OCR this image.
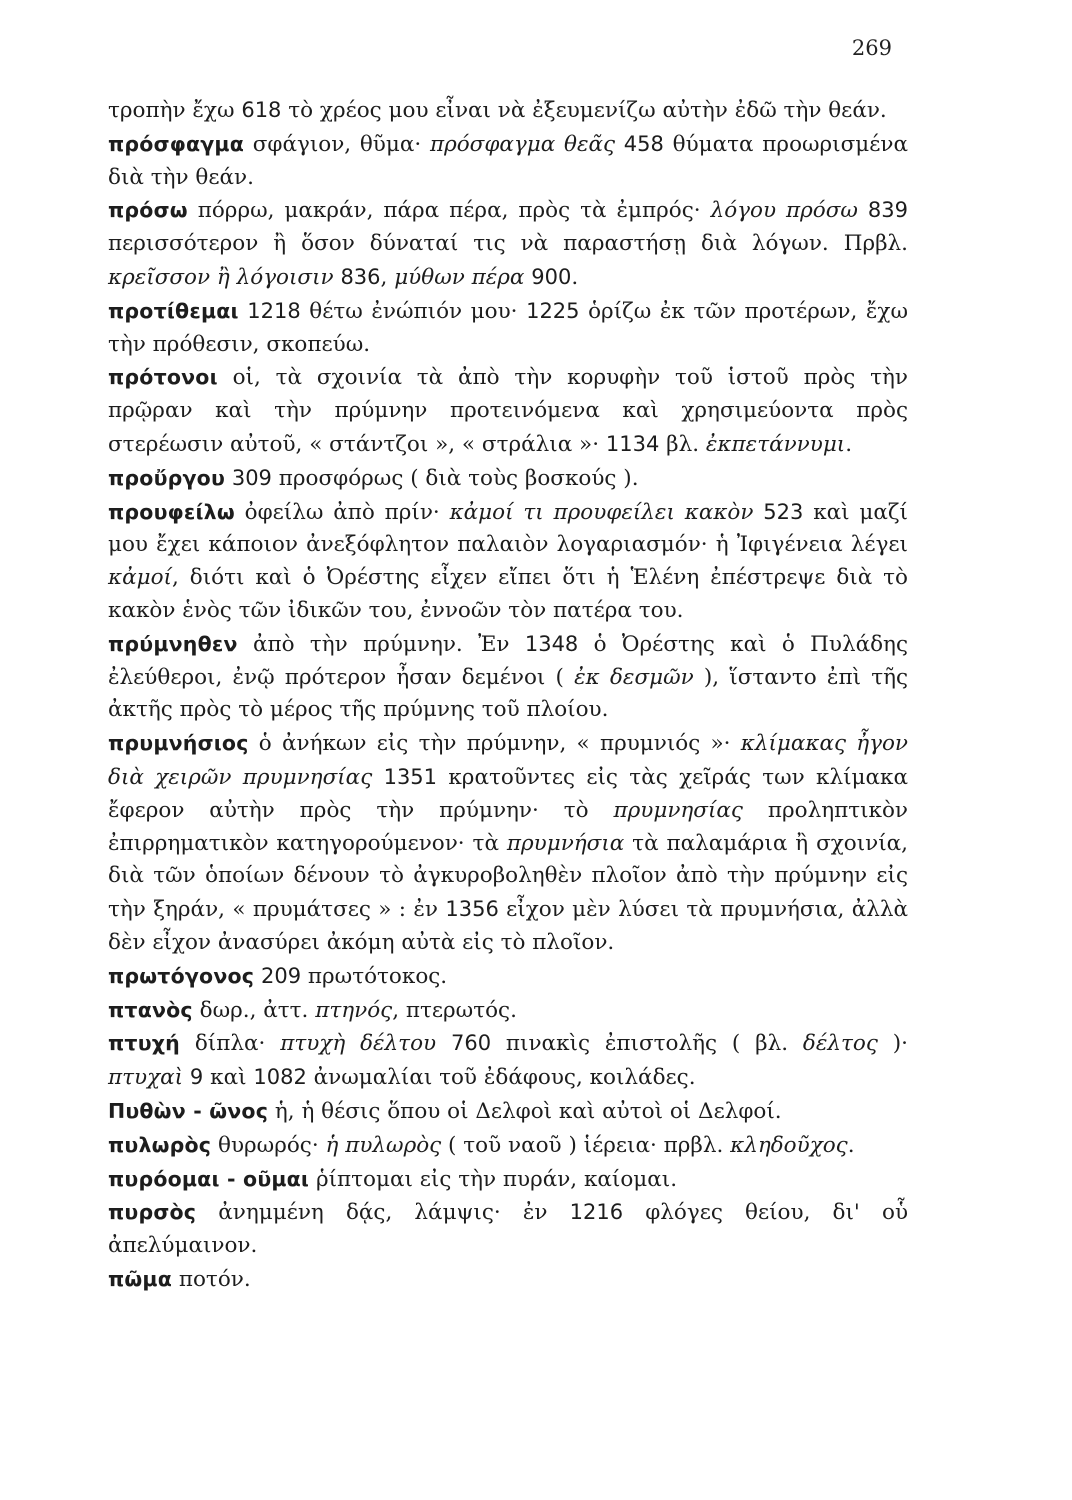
269

τροπὴν ἔχω 618 τὸ χρέος μου εἶναι νὰ ἐξευμενίζω αὐτὴν ἐδῶ τὴν θεάν.

πρόσφαγμα σφάγιον, θῦμα· πρόσφαγμα θεᾶς 458 θύματα προωρισμένα διὰ τὴν θεάν.

πρόσω πόρρω, μακράν, πάρα πέρα, πρὸς τὰ ἐμπρός· λόγου πρόσω 839 περισσότερον ἢ ὅσον δύναταί τις νὰ παραστήσῃ διὰ λόγων. Πρβλ. κρεῖσσον ἢ λόγοισιν 836, μύθων πέρα 900.

προτίθεμαι 1218 θέτω ἐνώπιόν μου· 1225 ὁρίζω ἐκ τῶν προτέρων, ἔχω τὴν πρόθεσιν, σκοπεύω.

πρότονοι οἱ, τὰ σχοινία τὰ ἀπὸ τὴν κορυφὴν τοῦ ἱστοῦ πρὸς τὴν πρῷραν καὶ τὴν πρύμνην προτεινόμενα καὶ χρησιμεύοντα πρὸς στερέωσιν αὐτοῦ, « στάντζοι », « στράλια »· 1134 βλ. ἐκπετάννυμι.

προὔργου 309 προσφόρως ( διὰ τοὺς βοσκούς ).

προυφείλω ὀφείλω ἀπὸ πρίν· κἀμοί τι προυφείλει κακὸν 523 καὶ μαζί μου ἔχει κάποιον ἀνεξόφλητον παλαιὸν λογαριασμόν· ἡ Ἰφιγένεια λέγει κἀμοί, διότι καὶ ὁ Ὀρέστης εἶχεν εἴπει ὅτι ἡ Ἑλένη ἐπέστρεψε διὰ τὸ κακὸν ἑνὸς τῶν ἰδικῶν του, ἐννοῶν τὸν πατέρα του.

πρύμνηθεν ἀπὸ τὴν πρύμνην. Ἐν 1348 ὁ Ὀρέστης καὶ ὁ Πυλάδης ἐλεύθεροι, ἐνῷ πρότερον ἦσαν δεμένοι ( ἐκ δεσμῶν ), ἵσταντο ἐπὶ τῆς ἀκτῆς πρὸς τὸ μέρος τῆς πρύμνης τοῦ πλοίου.

πρυμνήσιος ὁ ἀνήκων εἰς τὴν πρύμνην, « πρυμνιός »· κλίμακας ἦγον διὰ χειρῶν πρυμνησίας 1351 κρατοῦντες εἰς τὰς χεῖράς των κλίμακα ἔφερον αὐτὴν πρὸς τὴν πρύμνην· τὸ πρυμνησίας προληπτικὸν ἐπιρρηματικὸν κατηγορούμενον· τὰ πρυμνήσια τὰ παλαμάρια ἢ σχοινία, διὰ τῶν ὁποίων δένουν τὸ ἀγκυροβοληθὲν πλοῖον ἀπὸ τὴν πρύμνην εἰς τὴν ξηράν, « πρυμάτσες » : ἐν 1356 εἶχον μὲν λύσει τὰ πρυμνήσια, ἀλλὰ δὲν εἶχον ἀνασύρει ἀκόμη αὐτὰ εἰς τὸ πλοῖον.

πρωτόγονος 209 πρωτότοκος.

πτανὸς δωρ., ἀττ. πτηνός, πτερωτός.

πτυχή δίπλα· πτυχὴ δέλτου 760 πινακὶς ἐπιστολῆς ( βλ. δέλτος )· πτυχαὶ 9 καὶ 1082 ἀνωμαλίαι τοῦ ἐδάφους, κοιλάδες.

Πυθὼν - ῶνος ἡ, ἡ θέσις ὅπου οἱ Δελφοὶ καὶ αὐτοὶ οἱ Δελφοί.

πυλωρὸς θυρωρός· ἡ πυλωρὸς ( τοῦ ναοῦ ) ἱέρεια· πρβλ. κληδοῦχος.

πυρόομαι - οῦμαι ῥίπτομαι εἰς τὴν πυράν, καίομαι.

πυρσὸς ἀνημμένη δᾴς, λάμψις· ἐν 1216 φλόγες θείου, δι' οὗ ἀπελύμαινον.

πῶμα ποτόν.
